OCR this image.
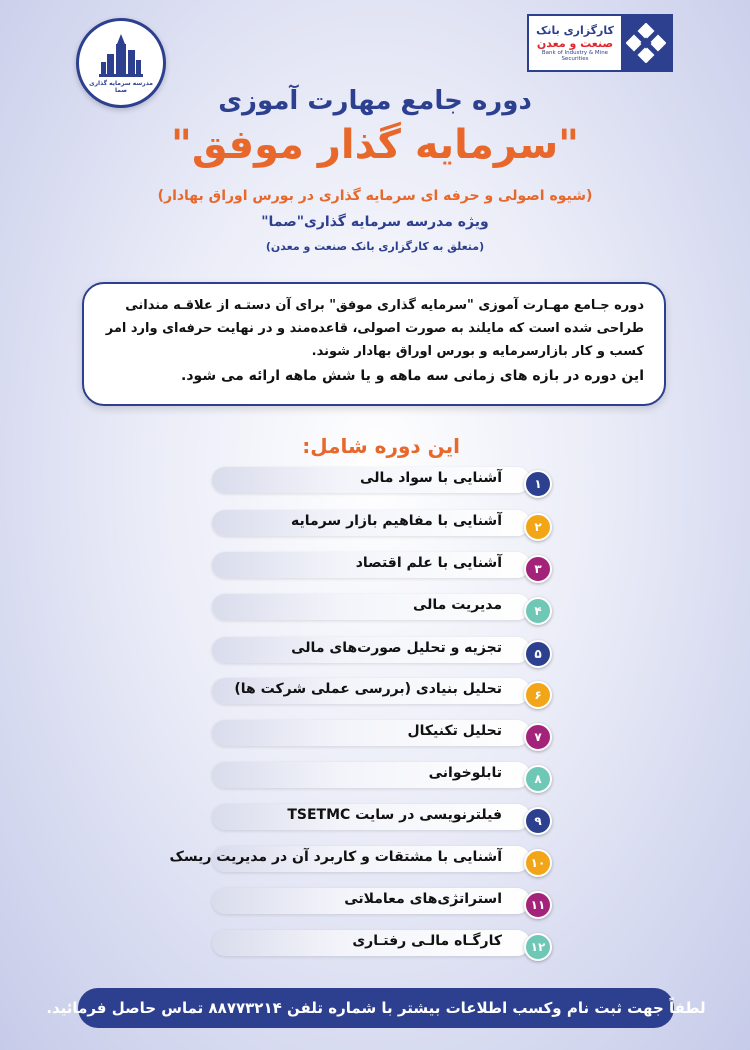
مدرسه سرمایه گذاری صما
کارگزاری بانک
صنعت و معدن
Bank of Industry & Mine Securities
دوره جامع مهارت آموزی
"سرمایه گذار موفق"
(شیوه اصولی و حرفه ای سرمایه گذاری در بورس اوراق بهادار)
ویژه مدرسه سرمایه گذاری"صما"
(متعلق به کارگزاری بانک صنعت و معدن)

دوره جـامع مهـارت آموزی "سرمایه گذاری موفق" برای آن دستـه از علاقـه مندانی

طراحی شده است که مایلند به صورت اصولی، قاعده‌مند و در نهایت حرفه‌ای وارد امر

کسب و کار بازارسرمایه و بورس اوراق بهادار شوند.

این دوره در بازه های زمانی سه ماهه و یا شش ماهه ارائه می شود.

این دوره شامل:
آشنایی با سواد مالی	۱
آشنایی با مفاهیم بازار سرمایه	۲
آشنایی با علم اقتصاد	۳
مدیریت مالی	۴
تجزیه و تحلیل صورت‌های مالی	۵
تحلیل بنیادی (بررسی عملی شرکت ها)	۶
تحلیل تکنیکال	۷
تابلوخوانی	۸
فیلترنویسی در سایت TSETMC	۹
آشنایی با مشتقات و کاربرد آن در مدیریت ریسک	۱۰
استراتژی‌های معاملاتی	۱۱
کارگـاه مالـی رفتـاری	۱۲
لطفاً جهت ثبت نام وکسب اطلاعات بیشتر با شماره تلفن ۸۸۷۷۳۲۱۴ تماس حاصل فرمائید.
